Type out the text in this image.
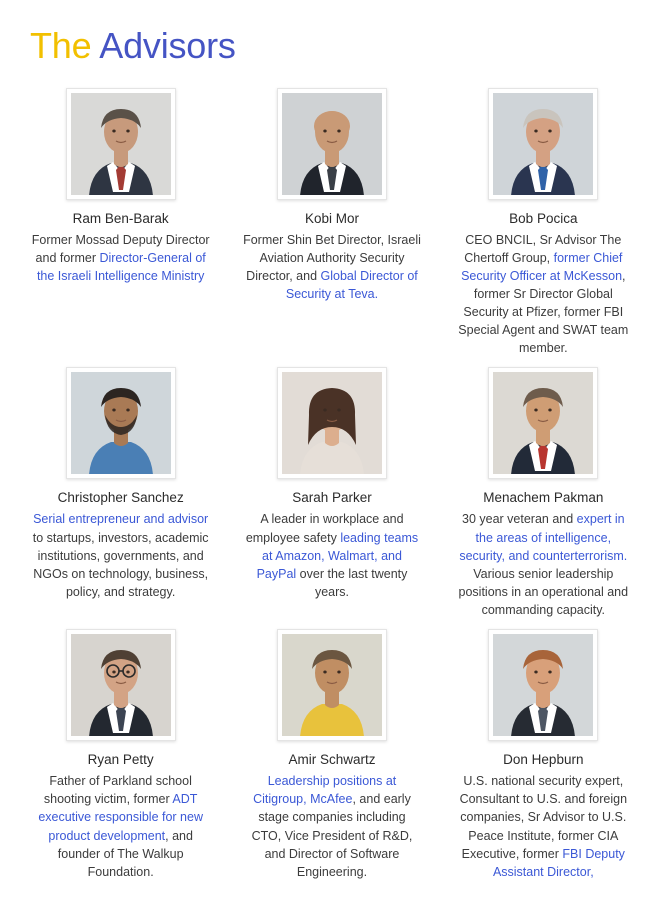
The Advisors
Ram Ben-Barak
Former Mossad Deputy Director and former Director-General of the Israeli Intelligence Ministry
Kobi Mor
Former Shin Bet Director, Israeli Aviation Authority Security Director, and Global Director of Security at Teva.
Bob Pocica
CEO BNCIL, Sr Advisor The Chertoff Group, former Chief Security Officer at McKesson, former Sr Director Global Security at Pfizer, former FBI Special Agent and SWAT team member.
Christopher Sanchez
Serial entrepreneur and advisor to startups, investors, academic institutions, governments, and NGOs on technology, business, policy, and strategy.
Sarah Parker
A leader in workplace and employee safety leading teams at Amazon, Walmart, and PayPal over the last twenty years.
Menachem Pakman
30 year veteran and expert in the areas of intelligence, security, and counterterrorism. Various senior leadership positions in an operational and commanding capacity.
Ryan Petty
Father of Parkland school shooting victim, former ADT executive responsible for new product development, and founder of The Walkup Foundation.
Amir Schwartz
Leadership positions at Citigroup, McAfee, and early stage companies including CTO, Vice President of R&D, and Director of Software Engineering.
Don Hepburn
U.S. national security expert, Consultant to U.S. and foreign companies, Sr Advisor to U.S. Peace Institute, former CIA Executive, former FBI Deputy Assistant Director,
